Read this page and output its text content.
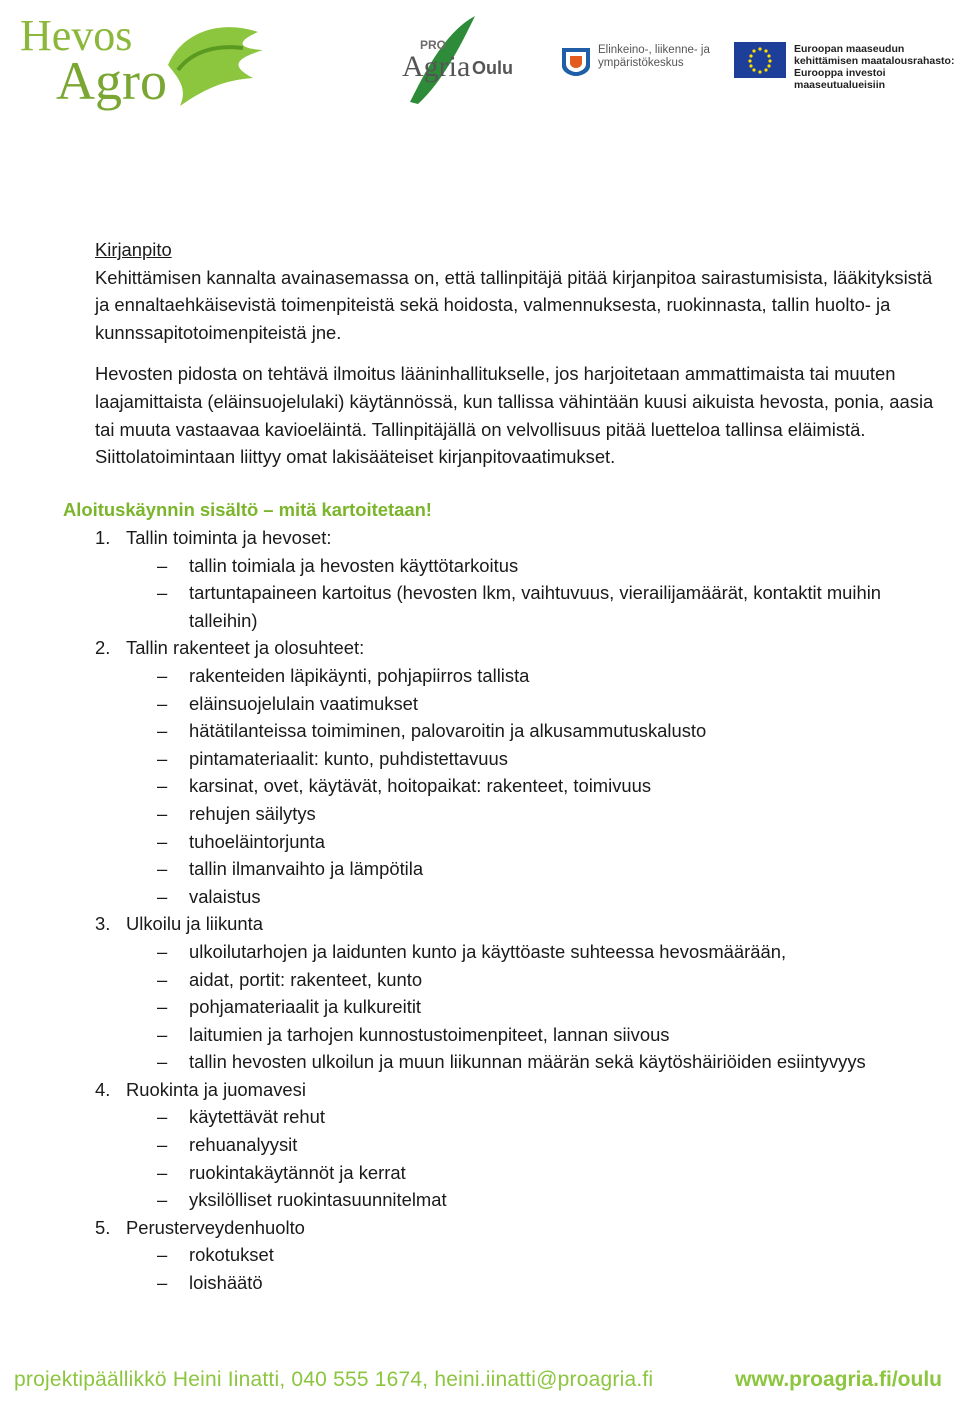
Hevos
Agro
PRO
Agria Oulu
Elinkeino-, liikenne- ja
ympäristökeskus
Euroopan maaseudun
kehittämisen maatalousrahasto:
Eurooppa investoi maaseutualueisiin

Kirjanpito

Kehittämisen kannalta avainasemassa on, että tallinpitäjä pitää kirjanpitoa sairastumisista, lääkityksistä ja ennaltaehkäisevistä toimenpiteistä sekä hoidosta, valmennuksesta, ruokinnasta, tallin huolto- ja kunnssapitotoimenpiteistä jne.

Hevosten pidosta on tehtävä ilmoitus lääninhallitukselle, jos harjoitetaan ammattimaista tai muuten laajamittaista (eläinsuojelulaki) käytännössä, kun tallissa vähintään kuusi aikuista hevosta, ponia, aasia tai muuta vastaavaa kavioeläintä. Tallinpitäjällä on velvollisuus pitää luetteloa tallinsa eläimistä. Siittolatoimintaan liittyy omat lakisääteiset kirjanpitovaatimukset.

Aloituskäynnin sisältö – mitä kartoitetaan!
1. Tallin toiminta ja hevoset:
–	tallin toimiala ja hevosten käyttötarkoitus
–	tartuntapaineen kartoitus (hevosten lkm, vaihtuvuus, vierailijamäärät, kontaktit muihin talleihin)
2. Tallin rakenteet ja olosuhteet:
–	rakenteiden läpikäynti, pohjapiirros tallista
–	eläinsuojelulain vaatimukset
–	hätätilanteissa toimiminen, palovaroitin ja alkusammutuskalusto
–	pintamateriaalit: kunto, puhdistettavuus
–	karsinat, ovet, käytävät, hoitopaikat: rakenteet, toimivuus
–	rehujen säilytys
–	tuhoeläintorjunta
–	tallin ilmanvaihto ja lämpötila
–	valaistus
3. Ulkoilu ja liikunta
–	ulkoilutarhojen ja laidunten kunto ja käyttöaste suhteessa hevosmäärään,
–	aidat, portit: rakenteet, kunto
–	pohjamateriaalit ja kulkureitit
–	laitumien ja tarhojen kunnostustoimenpiteet, lannan siivous
–	tallin hevosten ulkoilun ja muun liikunnan määrän sekä käytöshäiriöiden esiintyvyys
4. Ruokinta ja juomavesi
–	käytettävät rehut
–	rehuanalyysit
–	ruokintakäytännöt ja kerrat
–	yksilölliset ruokintasuunnitelmat
5. Perusterveydenhuolto
–	rokotukset
–	loishäätö
projektipäällikkö Heini Iinatti, 040 555 1674, heini.iinatti@proagria.fi	www.proagria.fi/oulu
